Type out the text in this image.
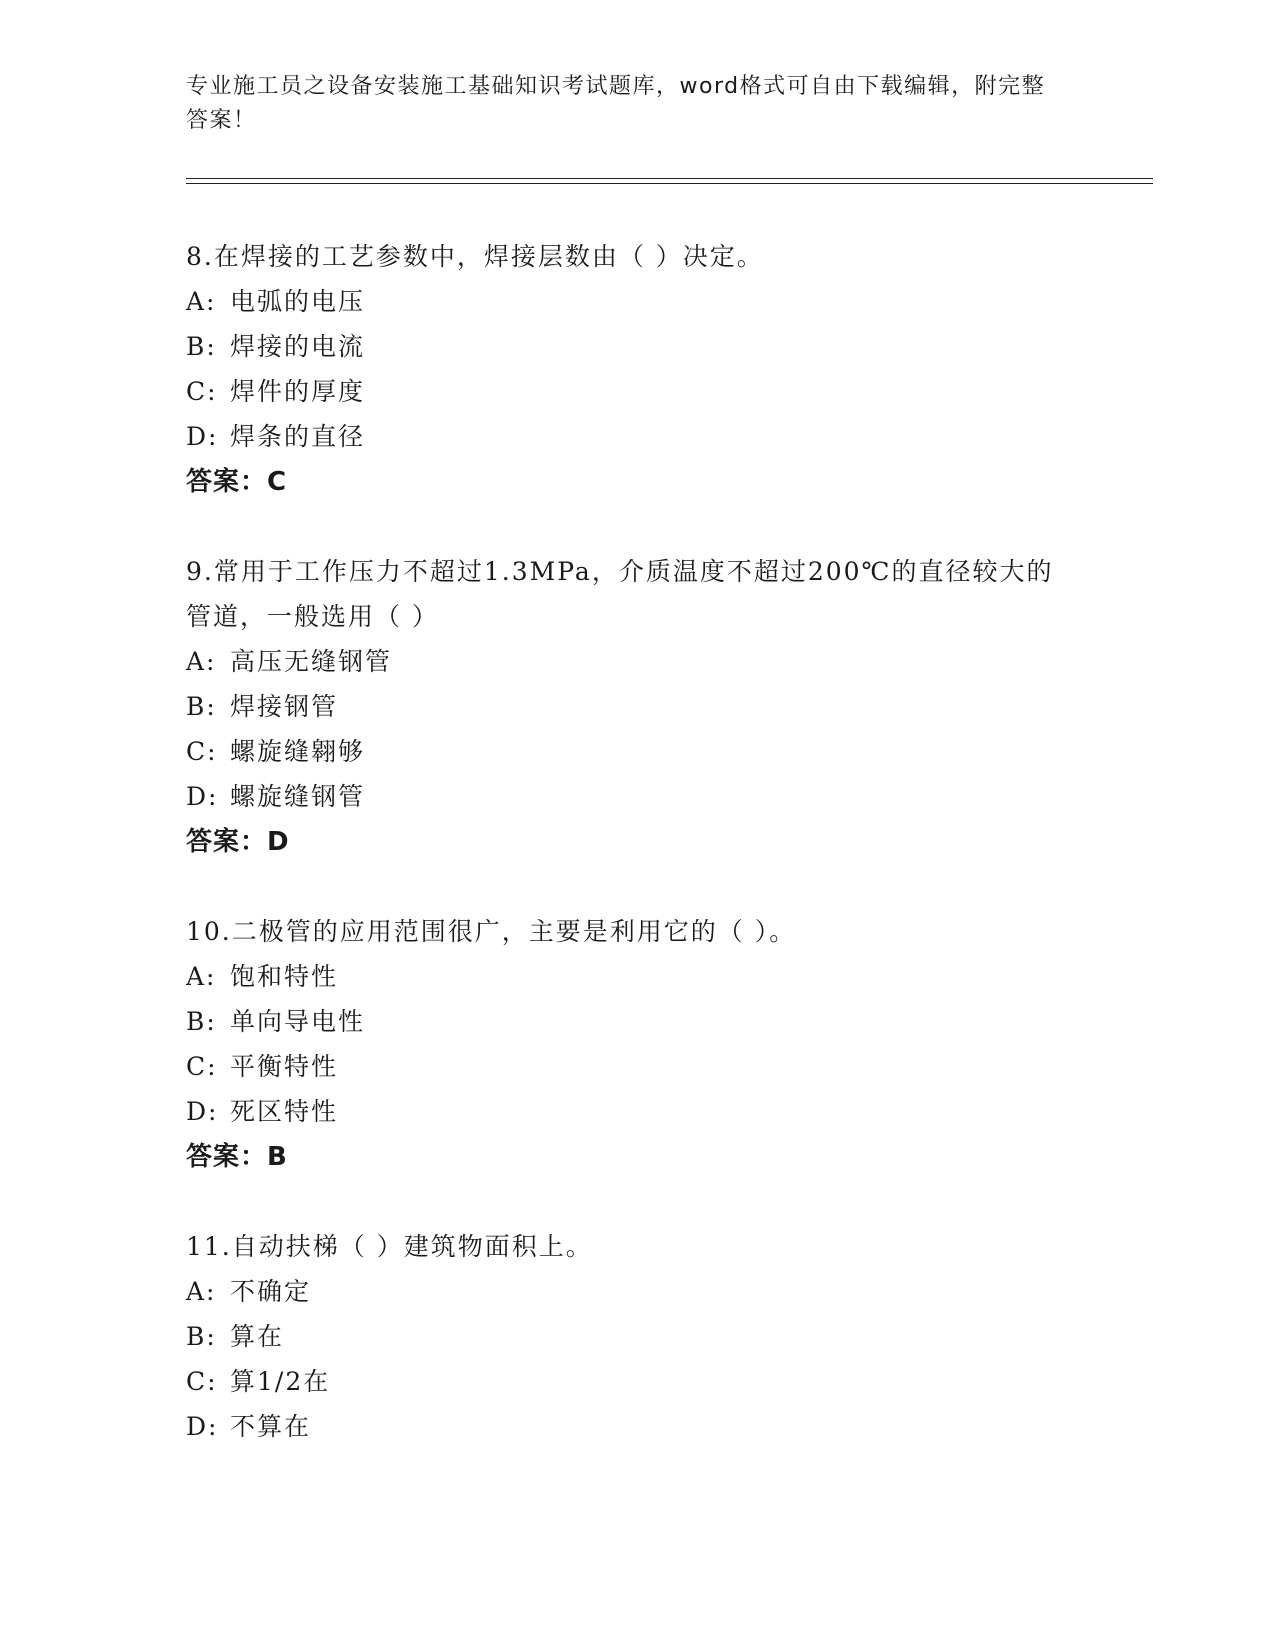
专业施工员之设备安装施工基础知识考试题库，word格式可自由下载编辑，附完整答案！
8.在焊接的工艺参数中，焊接层数由（ ）决定。
A: 电弧的电压
B: 焊接的电流
C: 焊件的厚度
D: 焊条的直径
答案：C
9.常用于工作压力不超过1.3MPa，介质温度不超过200℃的直径较大的管道，一般选用（ ）
A: 高压无缝钢管
B: 焊接钢管
C: 螺旋缝翱够
D: 螺旋缝钢管
答案：D
10.二极管的应用范围很广，主要是利用它的（ ）。
A: 饱和特性
B: 单向导电性
C: 平衡特性
D: 死区特性
答案：B
11.自动扶梯（ ）建筑物面积上。
A: 不确定
B: 算在
C: 算1/2在
D: 不算在
